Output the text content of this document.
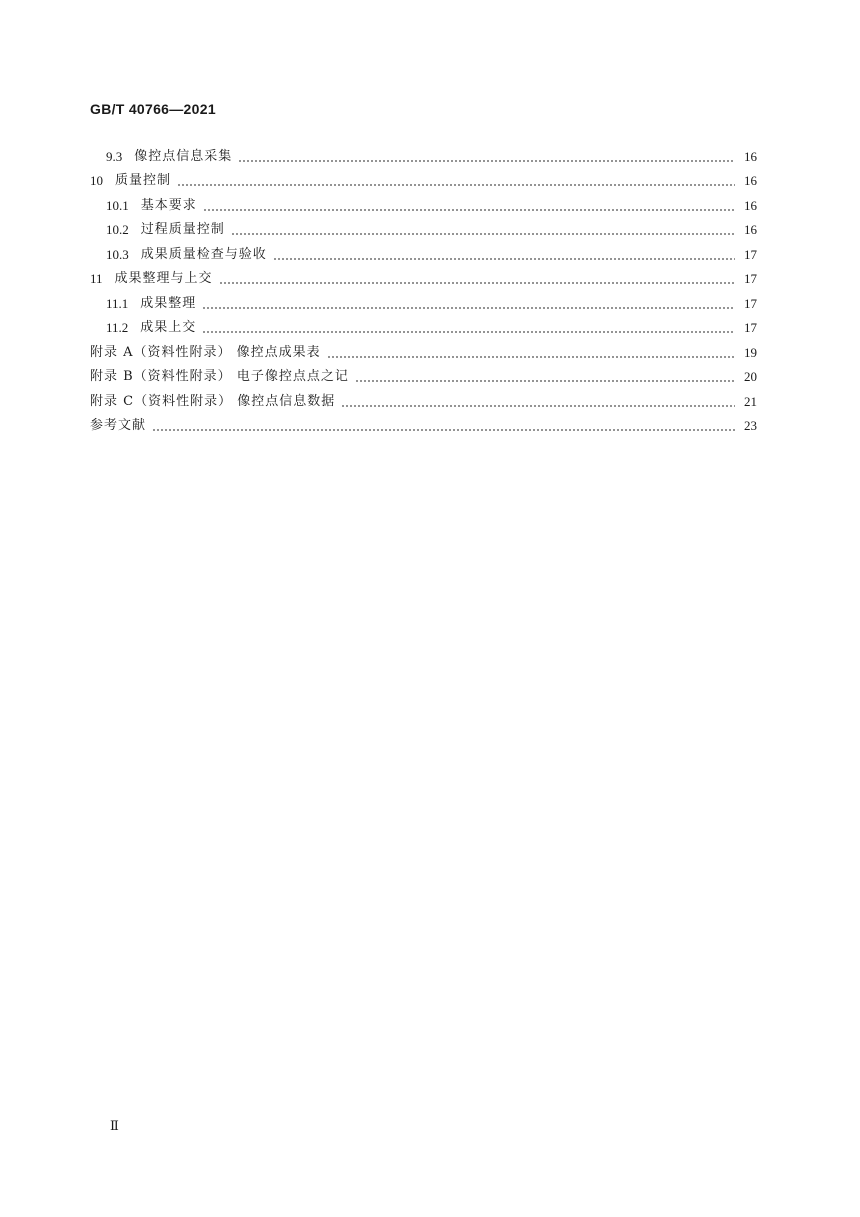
GB/T 40766—2021
9.3 像控点信息采集	16
10 质量控制	16
10.1 基本要求	16
10.2 过程质量控制	16
10.3 成果质量检查与验收	17
11 成果整理与上交	17
11.1 成果整理	17
11.2 成果上交	17
附录 A（资料性附录） 像控点成果表	19
附录 B（资料性附录） 电子像控点点之记	20
附录 C（资料性附录） 像控点信息数据	21
参考文献	23
Ⅱ
